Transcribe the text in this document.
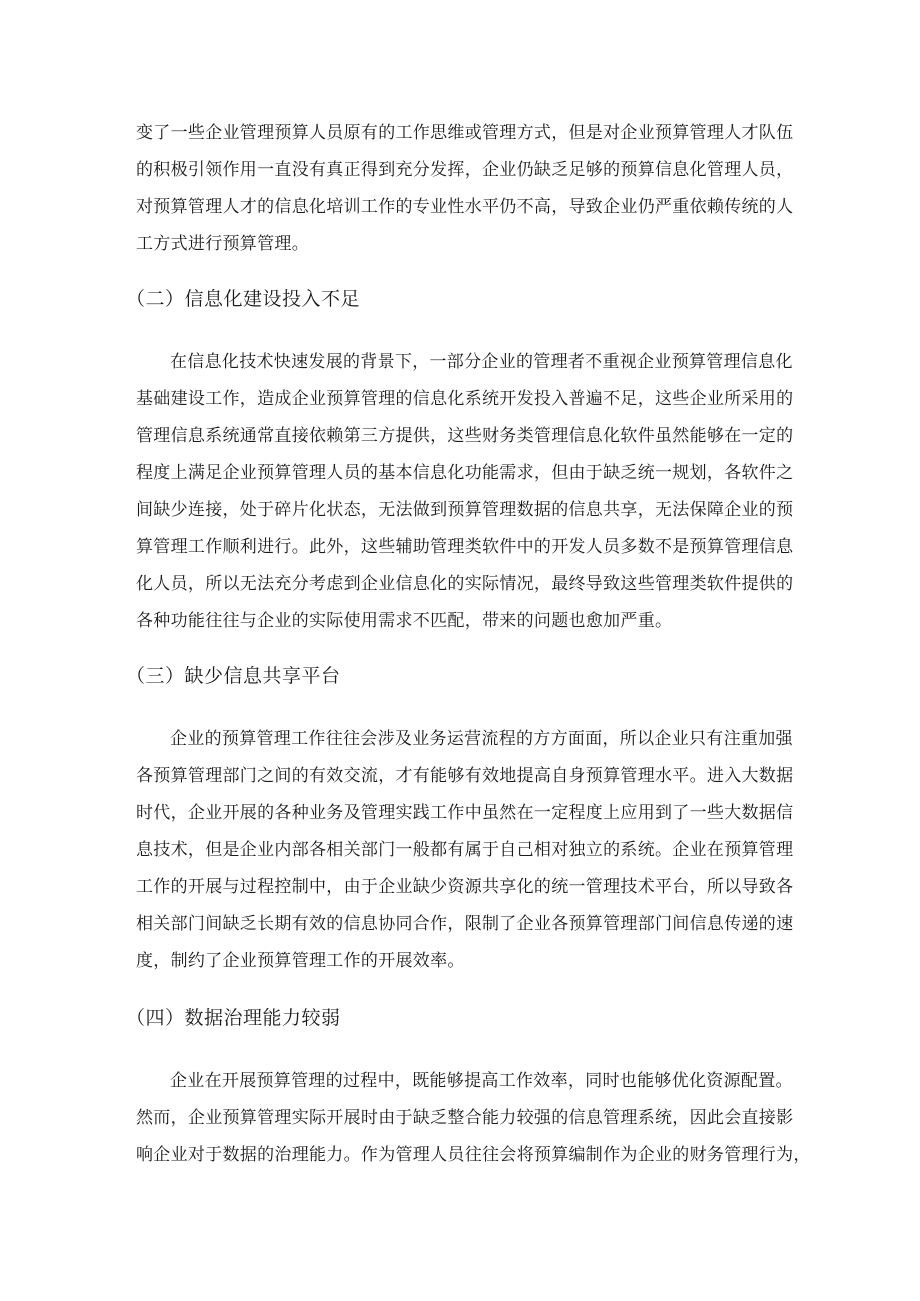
变了一些企业管理预算人员原有的工作思维或管理方式，但是对企业预算管理人才队伍
的积极引领作用一直没有真正得到充分发挥，企业仍缺乏足够的预算信息化管理人员，
对预算管理人才的信息化培训工作的专业性水平仍不高，导致企业仍严重依赖传统的人
工方式进行预算管理。
（二）信息化建设投入不足
在信息化技术快速发展的背景下，一部分企业的管理者不重视企业预算管理信息化
基础建设工作，造成企业预算管理的信息化系统开发投入普遍不足，这些企业所采用的
管理信息系统通常直接依赖第三方提供，这些财务类管理信息化软件虽然能够在一定的
程度上满足企业预算管理人员的基本信息化功能需求，但由于缺乏统一规划，各软件之
间缺少连接，处于碎片化状态，无法做到预算管理数据的信息共享，无法保障企业的预
算管理工作顺利进行。此外，这些辅助管理类软件中的开发人员多数不是预算管理信息
化人员，所以无法充分考虑到企业信息化的实际情况，最终导致这些管理类软件提供的
各种功能往往与企业的实际使用需求不匹配，带来的问题也愈加严重。
（三）缺少信息共享平台
企业的预算管理工作往往会涉及业务运营流程的方方面面，所以企业只有注重加强
各预算管理部门之间的有效交流，才有能够有效地提高自身预算管理水平。进入大数据
时代，企业开展的各种业务及管理实践工作中虽然在一定程度上应用到了一些大数据信
息技术，但是企业内部各相关部门一般都有属于自己相对独立的系统。企业在预算管理
工作的开展与过程控制中，由于企业缺少资源共享化的统一管理技术平台，所以导致各
相关部门间缺乏长期有效的信息协同合作，限制了企业各预算管理部门间信息传递的速
度，制约了企业预算管理工作的开展效率。
（四）数据治理能力较弱
企业在开展预算管理的过程中，既能够提高工作效率，同时也能够优化资源配置。
然而，企业预算管理实际开展时由于缺乏整合能力较强的信息管理系统，因此会直接影
响企业对于数据的治理能力。作为管理人员往往会将预算编制作为企业的财务管理行为，
